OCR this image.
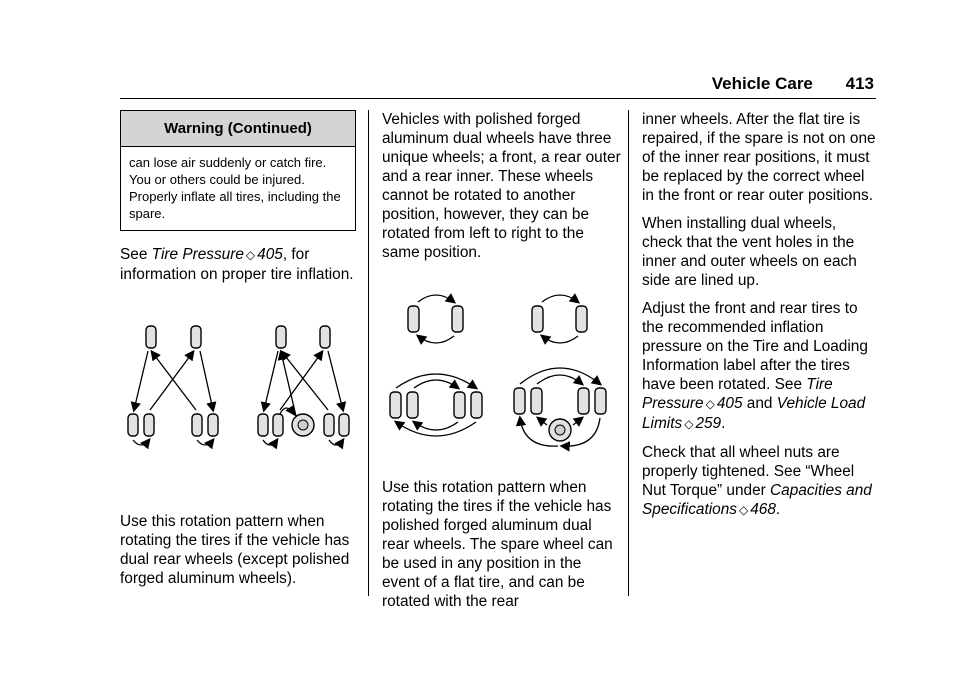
Vehicle Care 413
Warning (Continued)
can lose air suddenly or catch fire. You or others could be injured. Properly inflate all tires, including the spare.

See Tire Pressure ◇ 405, for information on proper tire inflation.

Use this rotation pattern when rotating the tires if the vehicle has dual rear wheels (except polished forged aluminum wheels).

Vehicles with polished forged aluminum dual wheels have three unique wheels; a front, a rear outer and a rear inner. These wheels cannot be rotated to another position, however, they can be rotated from left to right to the same position.

Use this rotation pattern when rotating the tires if the vehicle has polished forged aluminum dual rear wheels. The spare wheel can be used in any position in the event of a flat tire, and can be rotated with the rear

inner wheels. After the flat tire is repaired, if the spare is not on one of the inner rear positions, it must be replaced by the correct wheel in the front or rear outer positions.

When installing dual wheels, check that the vent holes in the inner and outer wheels on each side are lined up.

Adjust the front and rear tires to the recommended inflation pressure on the Tire and Loading Information label after the tires have been rotated. See Tire Pressure ◇ 405 and Vehicle Load Limits ◇ 259.

Check that all wheel nuts are properly tightened. See “Wheel Nut Torque” under Capacities and Specifications ◇ 468.
